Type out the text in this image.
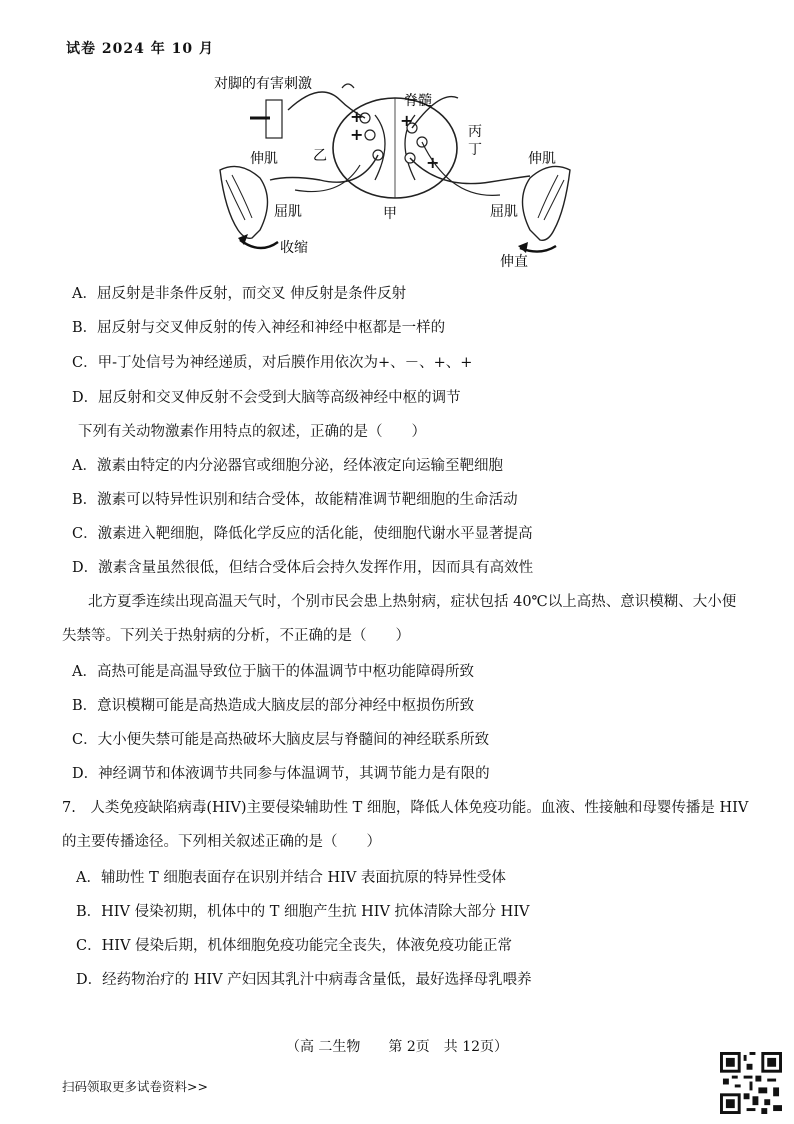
试卷 2024 年 10 月
+
+
+
+
对脚的有害刺激
脊髓
乙
甲
丙
丁
伸肌
屈肌
收缩
伸肌
屈肌
伸直
A．屈反射是非条件反射，而交叉 伸反射是条件反射
B．屈反射与交叉伸反射的传入神经和神经中枢都是一样的
C．甲-丁处信号为神经递质，对后膜作用依次为+、－、+、+
D．屈反射和交叉伸反射不会受到大脑等高级神经中枢的调节
下列有关动物激素作用特点的叙述，正确的是（　　）
A．激素由特定的内分泌器官或细胞分泌，经体液定向运输至靶细胞
B．激素可以特异性识别和结合受体，故能精准调节靶细胞的生命活动
C．激素进入靶细胞，降低化学反应的活化能，使细胞代谢水平显著提高
D．激素含量虽然很低，但结合受体后会持久发挥作用，因而具有高效性
北方夏季连续出现高温天气时，个别市民会患上热射病，症状包括 40℃以上高热、意识模糊、大小便
失禁等。下列关于热射病的分析，不正确的是（　　）
A．高热可能是高温导致位于脑干的体温调节中枢功能障碍所致
B．意识模糊可能是高热造成大脑皮层的部分神经中枢损伤所致
C．大小便失禁可能是高热破坏大脑皮层与脊髓间的神经联系所致
D．神经调节和体液调节共同参与体温调节，其调节能力是有限的
7.　人类免疫缺陷病毒(HIV)主要侵染辅助性 T 细胞，降低人体免疫功能。血液、性接触和母婴传播是 HIV
的主要传播途径。下列相关叙述正确的是（　　）
A．辅助性 T 细胞表面存在识别并结合 HIV 表面抗原的特异性受体
B．HIV 侵染初期，机体中的 T 细胞产生抗 HIV 抗体清除大部分 HIV
C．HIV 侵染后期，机体细胞免疫功能完全丧失，体液免疫功能正常
D．经药物治疗的 HIV 产妇因其乳汁中病毒含量低，最好选择母乳喂养
（高 二生物　　第 2页　共 12页）
扫码领取更多试卷资料>>
